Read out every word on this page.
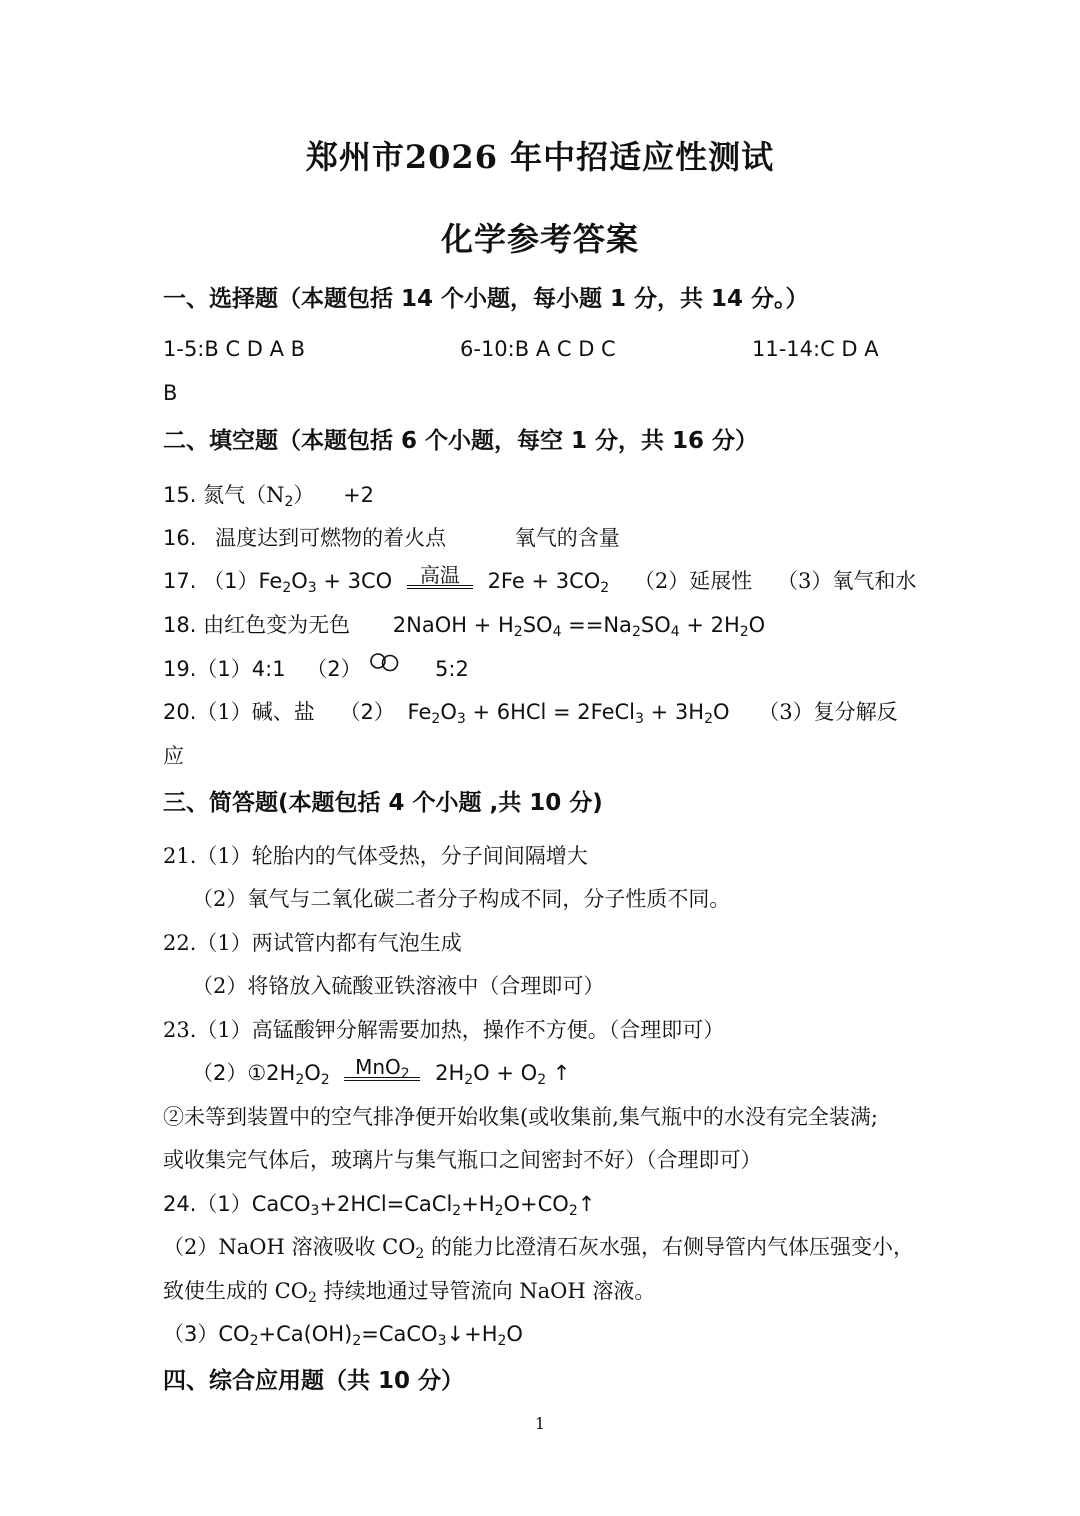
郑州市2026 年中招适应性测试
化学参考答案
一、选择题（本题包括 14 个小题，每小题 1 分，共 14 分。）
1-5:B C D A B	6-10:B A C D C	11-14:C D A
B
二、填空题（本题包括 6 个小题，每空 1 分，共 16 分）
15. 氮气$(N_2) +2$
16. 温度达到可燃物的着火点	氧气的含量
17. $(1)Fe_2O_3 + 3CO$	高温	$2Fe + 3CO_2$ （2）延展性 （3）氧气和水
18. 由红色变为无色 2NaOH + $H_2SO_4 ==Na_2SO_4 + 2H_2O$
19.（1）4:1 （2）	5:2
20.（1）碱、盐 （2） $Fe_2O_3 + 6HCl$ = 2FeCl$_3$ + $3H_2O$ （3）复分解反
应
三、简答题(本题包括 4 个小题 ,共 10 分)
21.（1）轮胎内的气体受热，分子间间隔增大
（2）氧气与二氧化碳二者分子构成不同，分子性质不同。
22.（1）两试管内都有气泡生成
（2）将铬放入硫酸亚铁溶液中（合理即可）
23.（1）高锰酸钾分解需要加热，操作不方便。（合理即可）
$(2)①2H_2O_2$
MnO$_2$	$2H_2O + O_2$ ↑
②未等到装置中的空气排净便开始收集(或收集前,集气瓶中的水没有完全装满;
或收集完气体后，玻璃片与集气瓶口之间密封不好）（合理即可）
$24.(1)CaCO_3+2HCl=CaCl_2+H_2O+CO_2↑$
（2）NaOH 溶液吸收 $CO_2$ 的能力比澄清石灰水强，右侧导管内气体压强变小，
致使生成的 $CO_2$ 持续地通过导管流向 NaOH 溶液。
$(3)CO_2+Ca(OH)_2=CaCO_3↓+H_2O$
四、综合应用题（共 10 分）
1
